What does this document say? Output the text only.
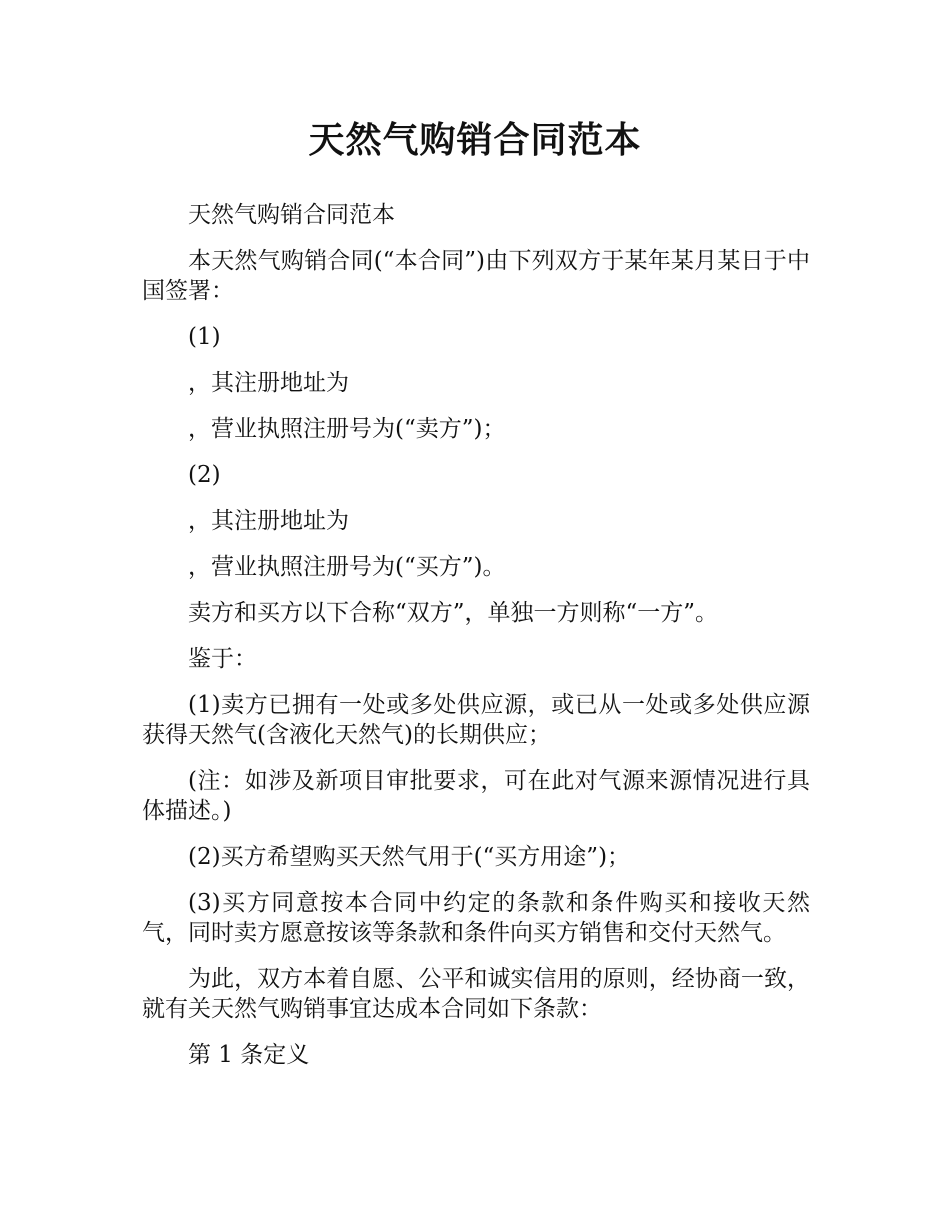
天然气购销合同范本

天然气购销合同范本

本天然气购销合同(“本合同”)由下列双方于某年某月某日于中国签署：

(1)

，其注册地址为

，营业执照注册号为(“卖方”)；

(2)

，其注册地址为

，营业执照注册号为(“买方”)。

卖方和买方以下合称“双方”，单独一方则称“一方”。

鉴于：

(1)卖方已拥有一处或多处供应源，或已从一处或多处供应源获得天然气(含液化天然气)的长期供应；

(注：如涉及新项目审批要求，可在此对气源来源情况进行具体描述。)

(2)买方希望购买天然气用于(“买方用途”)；

(3)买方同意按本合同中约定的条款和条件购买和接收天然气，同时卖方愿意按该等条款和条件向买方销售和交付天然气。

为此，双方本着自愿、公平和诚实信用的原则，经协商一致，就有关天然气购销事宜达成本合同如下条款：

第 1 条定义
